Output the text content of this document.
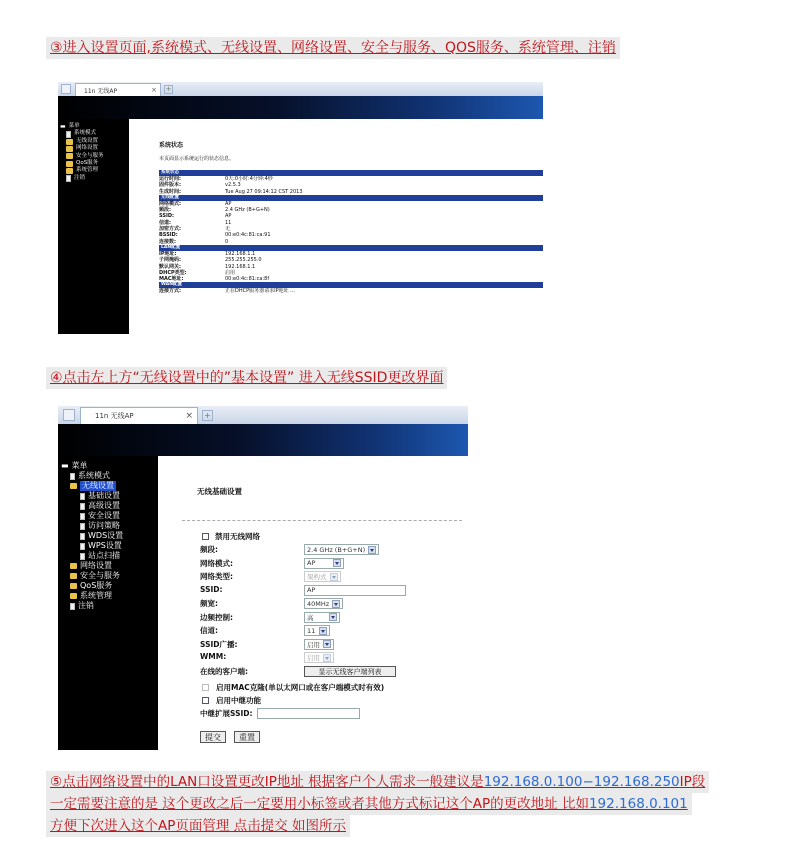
③进入设置页面,系统模式、无线设置、网络设置、安全与服务、QOS服务、系统管理、注销
11n 无线AP	× +
▬ 菜单
系统模式
无线设置
网络设置
安全与服务
QoS服务
系统管理
注销
系统状态
本页面显示系统运行的状态信息。
系统状态
运行时间:	0天:0小时:4分钟:4秒
固件版本:	v2.5.3
生成时间:	Tue Aug 27 09:14:12 CST 2013
无线配置
网络模式:	AP
频段:	2.4 GHz (B+G+N)
SSID:	AP
信道:	11
加密方式:	无
BSSID:	00:e0:4c:81:ca:91
连接数:	0
LAN配置
IP地址:	192.168.1.1
子网掩码:	255.255.255.0
默认网关:	192.168.1.1
DHCP类型:	启用
MAC地址:	00:e0:4c:81:ca:8f
WAN配置
连接方式:	正在DHCP服务器请求IP地址 ...
④点击左上方“无线设置中的”基本设置” 进入无线SSID更改界面
11n 无线AP	× +
▬ 菜单
系统模式
无线设置
基础设置
高级设置
安全设置
访问策略
WDS设置
WPS设置
站点扫描
网络设置
安全与服务
QoS服务
系统管理
注销
无线基础设置
禁用无线网络
频段:	2.4 GHz (B+G+N)
网络模式:	AP
网络类型:	架构式
SSID:	AP
频宽:	40MHz
边频控制:	高
信道:	11
SSID广播:	启用
WMM:	启用
在线的客户端:	显示无线客户端列表
启用MAC克隆(单以太网口或在客户端模式时有效)
启用中继功能
中继扩展SSID:
提交	重置
⑤点击网络设置中的LAN口设置更改IP地址 根据客户个人需求一般建议是192.168.0.100−192.168.250IP段
一定需要注意的是 这个更改之后一定要用小标签或者其他方式标记这个AP的更改地址 比如192.168.0.101
方便下次进入这个AP页面管理 点击提交 如图所示
